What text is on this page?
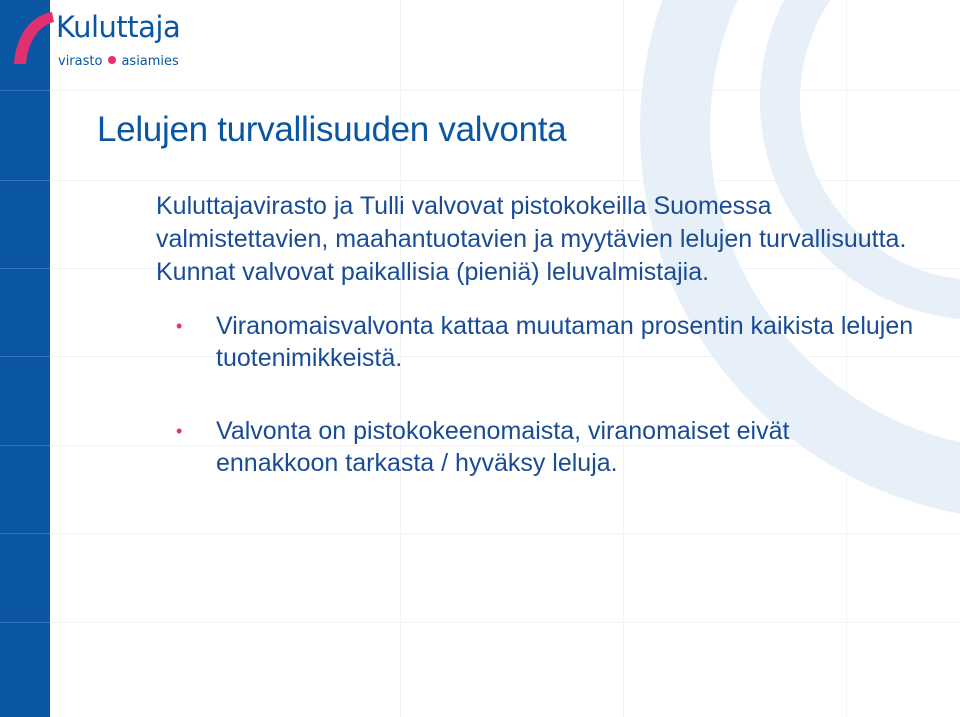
Kuluttaja
virasto asiamies
Lelujen turvallisuuden valvonta

Kuluttajavirasto ja Tulli valvovat pistokokeilla Suomessa valmistettavien, maahantuotavien ja myytävien lelujen turvallisuutta. Kunnat valvovat paikallisia (pieniä) leluvalmistajia.

• Viranomaisvalvonta kattaa muutaman prosentin kaikista lelujen tuotenimikkeistä.
• Valvonta on pistokokeenomaista, viranomaiset eivät ennakkoon tarkasta / hyväksy leluja.
